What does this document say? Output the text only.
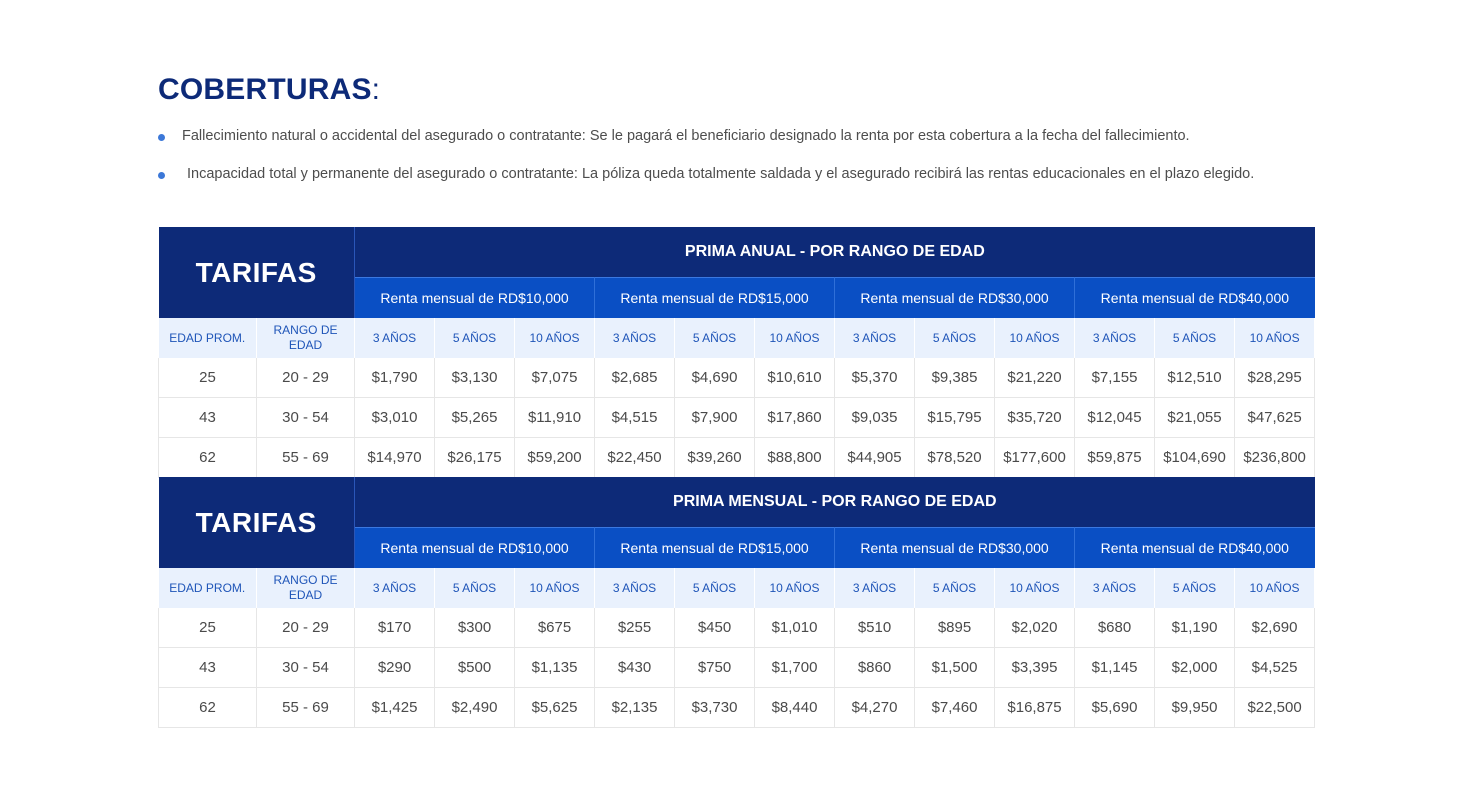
COBERTURAS:
Fallecimiento natural o accidental del asegurado o contratante: Se le pagará el beneficiario designado la renta por esta cobertura a la fecha del fallecimiento.
Incapacidad total y permanente del asegurado o contratante: La póliza queda totalmente saldada y el asegurado recibirá las rentas educacionales en el plazo elegido.
TARIFAS		PRIMA ANUAL - POR RANGO DE EDAD											
		Renta mensual de RD$10,000			Renta mensual de RD$15,000			Renta mensual de RD$30,000			Renta mensual de RD$40,000		
EDAD PROM.	RANGO DE EDAD	3 AÑOS	5 AÑOS	10 AÑOS	3 AÑOS	5 AÑOS	10 AÑOS	3 AÑOS	5 AÑOS	10 AÑOS	3 AÑOS	5 AÑOS	10 AÑOS
25	20 - 29	$1,790	$3,130	$7,075	$2,685	$4,690	$10,610	$5,370	$9,385	$21,220	$7,155	$12,510	$28,295
43	30 - 54	$3,010	$5,265	$11,910	$4,515	$7,900	$17,860	$9,035	$15,795	$35,720	$12,045	$21,055	$47,625
62	55 - 69	$14,970	$26,175	$59,200	$22,450	$39,260	$88,800	$44,905	$78,520	$177,600	$59,875	$104,690	$236,800
TARIFAS		PRIMA MENSUAL - POR RANGO DE EDAD											
		Renta mensual de RD$10,000			Renta mensual de RD$15,000			Renta mensual de RD$30,000			Renta mensual de RD$40,000		
EDAD PROM.	RANGO DE EDAD	3 AÑOS	5 AÑOS	10 AÑOS	3 AÑOS	5 AÑOS	10 AÑOS	3 AÑOS	5 AÑOS	10 AÑOS	3 AÑOS	5 AÑOS	10 AÑOS
25	20 - 29	$170	$300	$675	$255	$450	$1,010	$510	$895	$2,020	$680	$1,190	$2,690
43	30 - 54	$290	$500	$1,135	$430	$750	$1,700	$860	$1,500	$3,395	$1,145	$2,000	$4,525
62	55 - 69	$1,425	$2,490	$5,625	$2,135	$3,730	$8,440	$4,270	$7,460	$16,875	$5,690	$9,950	$22,500
